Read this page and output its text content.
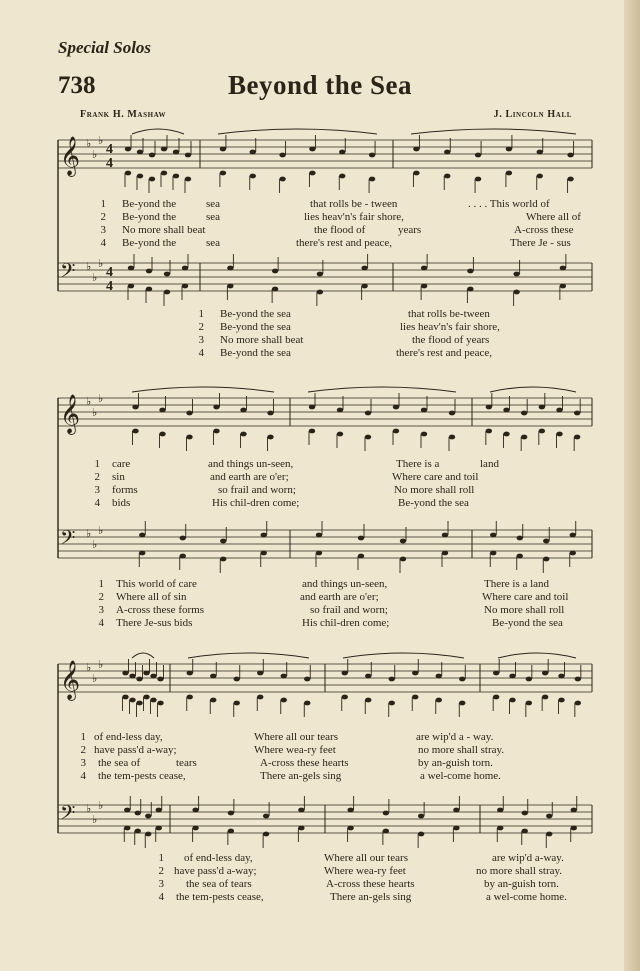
Special Solos
738	Beyond the Sea
Frank H. Mashaw	J. Lincoln Hall
𝄞 ♭
♭
♭
𝄢 ♭
♭
♭
4
4
4
4
𝄞 ♭
♭
♭
𝄢 ♭
♭
♭
𝄞 ♭
♭
♭
𝄢 ♭
♭
♭
1 Be-yond the	sea	that rolls be - tween	. . . . This world of
2 Be-yond the	sea	lies heav'n's fair shore,	Where all of
3 No more shall beat	the flood of	years	A-cross these
4 Be-yond the	sea	there's rest and peace,	There Je - sus
1 Be-yond the sea	that rolls be-tween
2 Be-yond the sea	lies heav'n's fair shore,
3 No more shall beat	the flood of years
4 Be-yond the sea	there's rest and peace,
1 care	and things un-seen,	There is a	land
2 sin	and earth are o'er;	Where care and toil
3 forms	so frail and worn;	No more shall roll
4 bids	His chil-dren come;	Be-yond the sea
1 This world of care	and things un-seen,	There is a land
2 Where all of sin	and earth are o'er;	Where care and toil
3 A-cross these forms	so frail and worn;	No more shall roll
4 There Je-sus bids	His chil-dren come;	Be-yond the sea
1 of end-less day,	Where all our tears	are wip'd a - way.
2 have pass'd a-way;	Where wea-ry feet	no more shall stray.
3 the sea of	tears	A-cross these hearts	by an-guish torn.
4 the tem-pests cease,	There an-gels sing	a wel-come home.
1 of end-less day,	Where all our tears	are wip'd a-way.
2 have pass'd a-way;	Where wea-ry feet	no more shall stray.
3 the sea of tears	A-cross these hearts	by an-guish torn.
4 the tem-pests cease,	There an-gels sing	a wel-come home.
